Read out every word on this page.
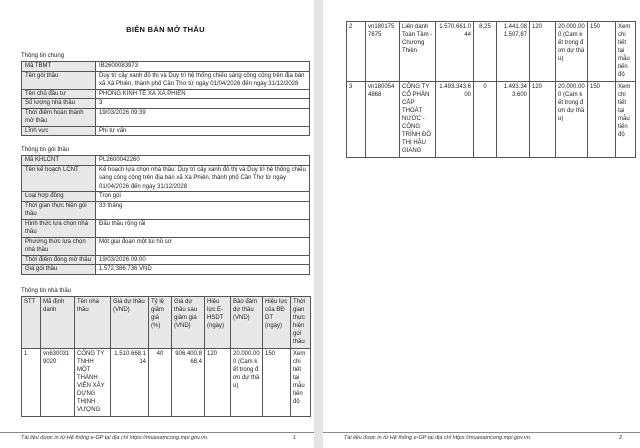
BIÊN BẢN MỞ THẦU
Thông tin chung
Mã TBMT	IB2600083973
Tên gói thầu	Duy trì cây xanh đô thị và Duy trì hệ thống chiếu sáng công cộng trên địa bàn xã Xà Phiên, thành phố Cần Thơ từ ngày 01/04/2026 đến ngày 31/12/2028
Tên chủ đầu tư	PHÒNG KINH TẾ XÃ XÀ PHIÊN
Số lượng nhà thầu	3
Thời điểm hoàn thành mở thầu	19/03/2026 09:39
Lĩnh vực	Phi tư vấn
Thông tin gói thầu
Mã KHLCNT	PL2600042260
Tên kế hoạch LCNT	Kế hoạch lựa chọn nhà thầu: Duy trì cây xanh đô thị và Duy trì hệ thống chiếu sáng công cộng trên địa bàn xã Xà Phiên, thành phố Cần Thơ từ ngày 01/04/2026 đến ngày 31/12/2028
Loại hợp đồng	Trọn gói
Thời gian thực hiện gói thầu	33 tháng
Hình thức lựa chọn nhà thầu	Đấu thầu rộng rãi
Phương thức lựa chọn nhà thầu	Một giai đoạn một túi hồ sơ
Thời điểm đóng mở thầu	19/03/2026 09:00
Giá gói thầu	1.572.386.736 VND
Thông tin nhà thầu
STT	Mã định danh	Tên nhà thầu	Giá dự thầu (VND)	Tỷ lệ giảm giá (%)	Giá dự thầu sau giảm giá (VND)	Hiệu lực E-HSDT (ngày)	Bảo đảm dự thầu (VND)	Hiệu lực của BĐ DT (ngày)	Thời gian thực hiện gói thầu
1	vn6300319020	CÔNG TY TNHH MỘT THÀNH VIÊN XÂY DỰNG THỊNH VƯỢNG	1.510.668.114	40	906.400.868,4	120	20.000.000 (Cam kết trong đơn dự thầu)	150	Xem chi tiết tại mẫu tiến độ
Tài liệu được in từ Hệ thống e-GP tại địa chỉ https://muasamcong.mpi.gov.vn.	1
2	vn1801757675	Liên danh Toàn Tâm - Chương Thiện	1.570.661.044	8,25	1.441.081.507,87	120	20.000.000 (Cam kết trong đơn dự thầu)	150	Xem chi tiết tại mẫu tiến độ
3	vn1800544868	CÔNG TY CỔ PHẦN CẤP THOÁT NƯỚC - CÔNG TRÌNH ĐÔ THỊ HẬU GIANG	1.493.343.600	0	1.493.343.600	120	20.000.000 (Cam kết trong đơn dự thầu)	150	Xem chi tiết tại mẫu tiến độ
Tài liệu được in từ Hệ thống e-GP tại địa chỉ https://muasamcong.mpi.gov.vn.	2
